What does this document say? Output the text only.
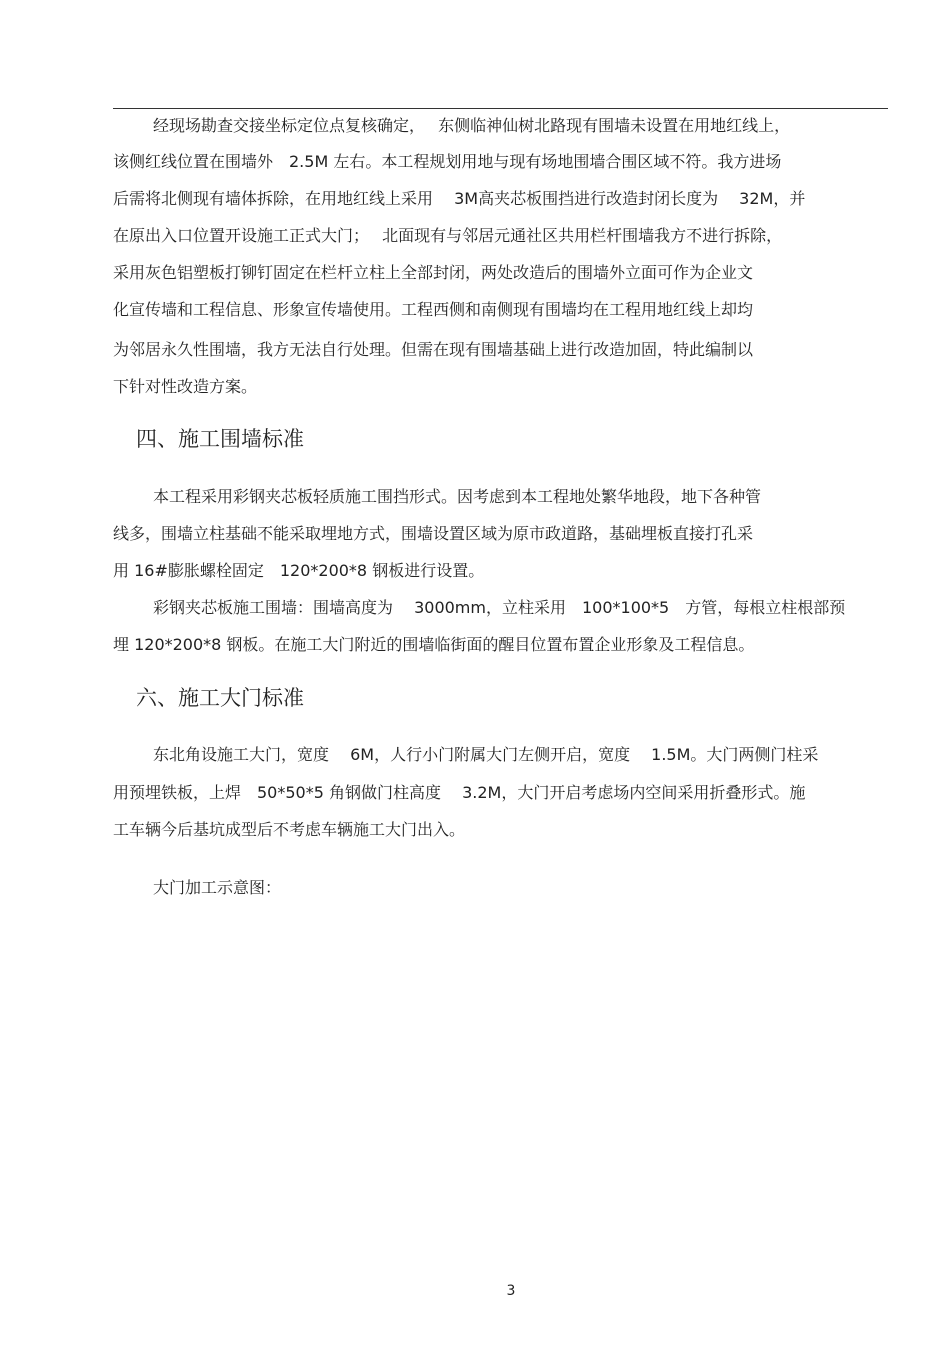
经现场勘查交接坐标定位点复核确定，　 东侧临神仙树北路现有围墙未设置在用地红线上，
该侧红线位置在围墙外　2.5M 左右。本工程规划用地与现有场地围墙合围区域不符。我方进场
后需将北侧现有墙体拆除，在用地红线上采用　 3M高夹芯板围挡进行改造封闭长度为　 32M，并
在原出入口位置开设施工正式大门；　 北面现有与邻居元通社区共用栏杆围墙我方不进行拆除，
采用灰色铝塑板打铆钉固定在栏杆立柱上全部封闭，两处改造后的围墙外立面可作为企业文
化宣传墙和工程信息、形象宣传墙使用。工程西侧和南侧现有围墙均在工程用地红线上却均
为邻居永久性围墙，我方无法自行处理。但需在现有围墙基础上进行改造加固，特此编制以
下针对性改造方案。
四、施工围墙标准
本工程采用彩钢夹芯板轻质施工围挡形式。因考虑到本工程地处繁华地段，地下各种管
线多，围墙立柱基础不能采取埋地方式，围墙设置区域为原市政道路，基础埋板直接打孔采
用 16#膨胀螺栓固定　120*200*8 钢板进行设置。
彩钢夹芯板施工围墙：围墙高度为　 3000mm，立柱采用　100*100*5　方管，每根立柱根部预
埋 120*200*8 钢板。在施工大门附近的围墙临街面的醒目位置布置企业形象及工程信息。
六、施工大门标准
东北角设施工大门，宽度　 6M，人行小门附属大门左侧开启，宽度　 1.5M。大门两侧门柱采
用预埋铁板，上焊　50*50*5 角钢做门柱高度　 3.2M，大门开启考虑场内空间采用折叠形式。施
工车辆今后基坑成型后不考虑车辆施工大门出入。
大门加工示意图：
3
